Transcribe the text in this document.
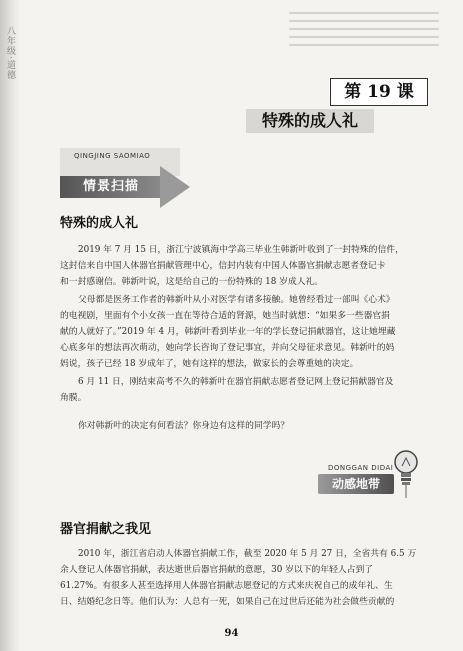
八年级·道德
第 19 课
特殊的成人礼
QINGJING SAOMIAO
情景扫描
特殊的成人礼
2019 年 7 月 15 日，浙江宁波镇海中学高三毕业生韩新叶收到了一封特殊的信件，
这封信来自中国人体器官捐献管理中心，信封内装有中国人体器官捐献志愿者登记卡
和一封感谢信。韩新叶说，这是给自己的一份特殊的 18 岁成人礼。
父母都是医务工作者的韩新叶从小对医学有诸多接触。她曾经看过一部叫《心术》
的电视剧，里面有个小女孩一直在等待合适的肾源，她当时就想：“如果多一些器官捐
献的人就好了。”2019 年 4 月，韩新叶看到毕业一年的学长登记捐献器官，这让她埋藏
心底多年的想法再次萌动，她向学长咨询了登记事宜，并向父母征求意见。韩新叶的妈
妈说，孩子已经 18 岁成年了，她有这样的想法，做家长的会尊重她的决定。
6 月 11 日，刚结束高考不久的韩新叶在器官捐献志愿者登记网上登记捐献器官及
角膜。
你对韩新叶的决定有何看法？你身边有这样的同学吗？
DONGGAN DIDAI
动感地带
器官捐献之我见
2010 年，浙江省启动人体器官捐献工作，截至 2020 年 5 月 27 日，全省共有 6.5 万
余人登记人体器官捐献，表达逝世后器官捐献的意愿，30 岁以下的年轻人占到了
61.27%。有很多人甚至选择用人体器官捐献志愿登记的方式来庆祝自己的成年礼、生
日、结婚纪念日等。他们认为：人总有一死，如果自己在过世后还能为社会做些贡献的
94
